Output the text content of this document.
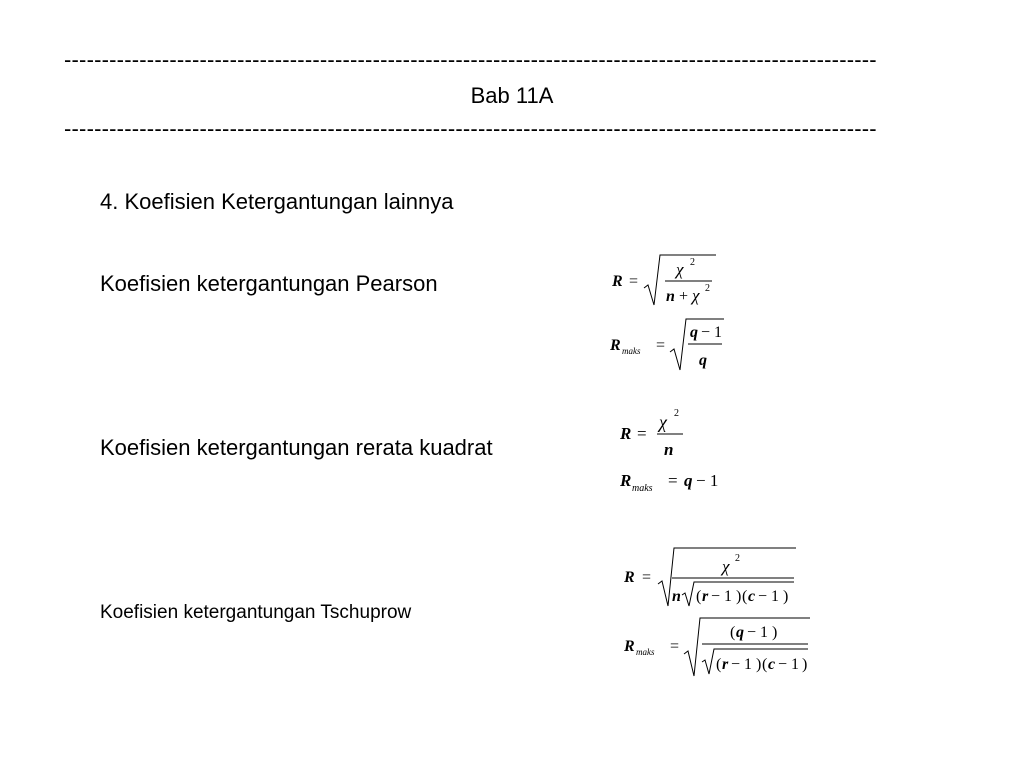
------------------------------------------------------------------------------------------------------------
Bab 11A
------------------------------------------------------------------------------------------------------------
4. Koefisien Ketergantungan lainnya
Koefisien ketergantungan Pearson
Koefisien ketergantungan rerata kuadrat
Koefisien ketergantungan Tschuprow
R =
χ 2
n + χ 2
R maks =
q − 1
q
R =
χ 2
n
R maks = q − 1
R =
χ 2
n ( r − 1 ) ( c − 1 )
R maks =
( q − 1 )
( r − 1 ) ( c − 1 )
